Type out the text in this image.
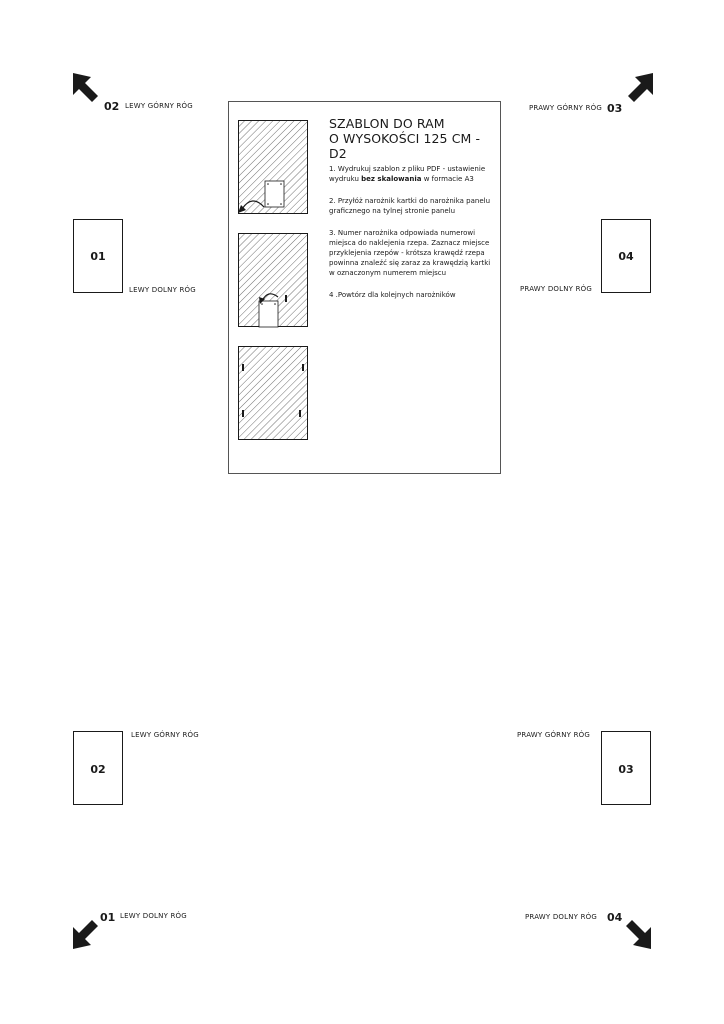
02 LEWY GÓRNY RÓG	PRAWY GÓRNY RÓG 03
01
LEWY DOLNY RÓG
04
PRAWY DOLNY RÓG
SZABLON DO RAM
O WYSOKOŚCI 125 CM - D2

1. Wydrukuj szablon z pliku PDF - ustawienie wydruku bez skalowania w formacie A3

2. Przyłóż narożnik kartki do narożnika panelu graficznego na tylnej stronie panelu

3. Numer narożnika odpowiada numerowi miejsca do naklejenia rzepa. Zaznacz miejsce przyklejenia rzepów - krótsza krawędź rzepa powinna znaleźć się zaraz za krawędzią kartki w oznaczonym numerem miejscu

4 .Powtórz dla kolejnych narożników

02
LEWY GÓRNY RÓG
03
PRAWY GÓRNY RÓG
01 LEWY DOLNY RÓG	PRAWY DOLNY RÓG 04
